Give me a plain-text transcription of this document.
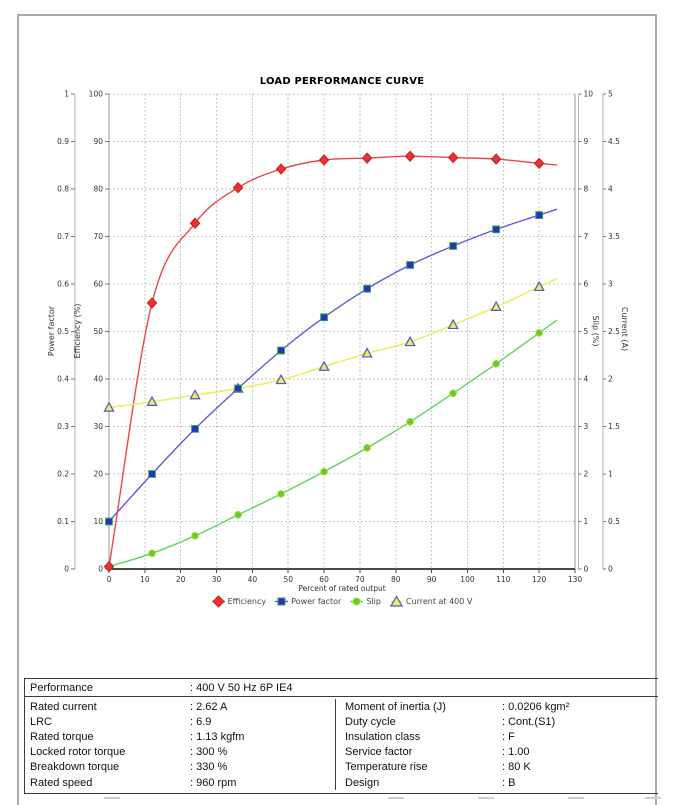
0	10	20	30	40	50	60	70	80	90	100	110	120	130
0
0.1
0.2
0.3
0.4
0.5
0.6
0.7
0.8
0.9
1
0
10
20
30
40
50
60
70
80
90
100
0
1
2
3
4
5
6
7
8
9
10
0
0.5
1
1.5
2
2.5
3
3.5
4
4.5
5
LOAD PERFORMANCE CURVE
Percent of rated output
Power factor Efficiency (%)	Slip (%)	Current (A)
Efficiency	Power factor	Slip	Current at 400 V
Performance	: 400 V 50 Hz 6P IE4
Rated current	: 2.62 A
LRC	: 6.9
Rated torque	: 1.13 kgfm
Locked rotor torque	: 300 %
Breakdown torque	: 330 %
Rated speed	: 960 rpm
Moment of inertia (J)	: 0.0206 kgm²
Duty cycle	: Cont.(S1)
Insulation class	: F
Service factor	: 1.00
Temperature rise	: 80 K
Design	: B
